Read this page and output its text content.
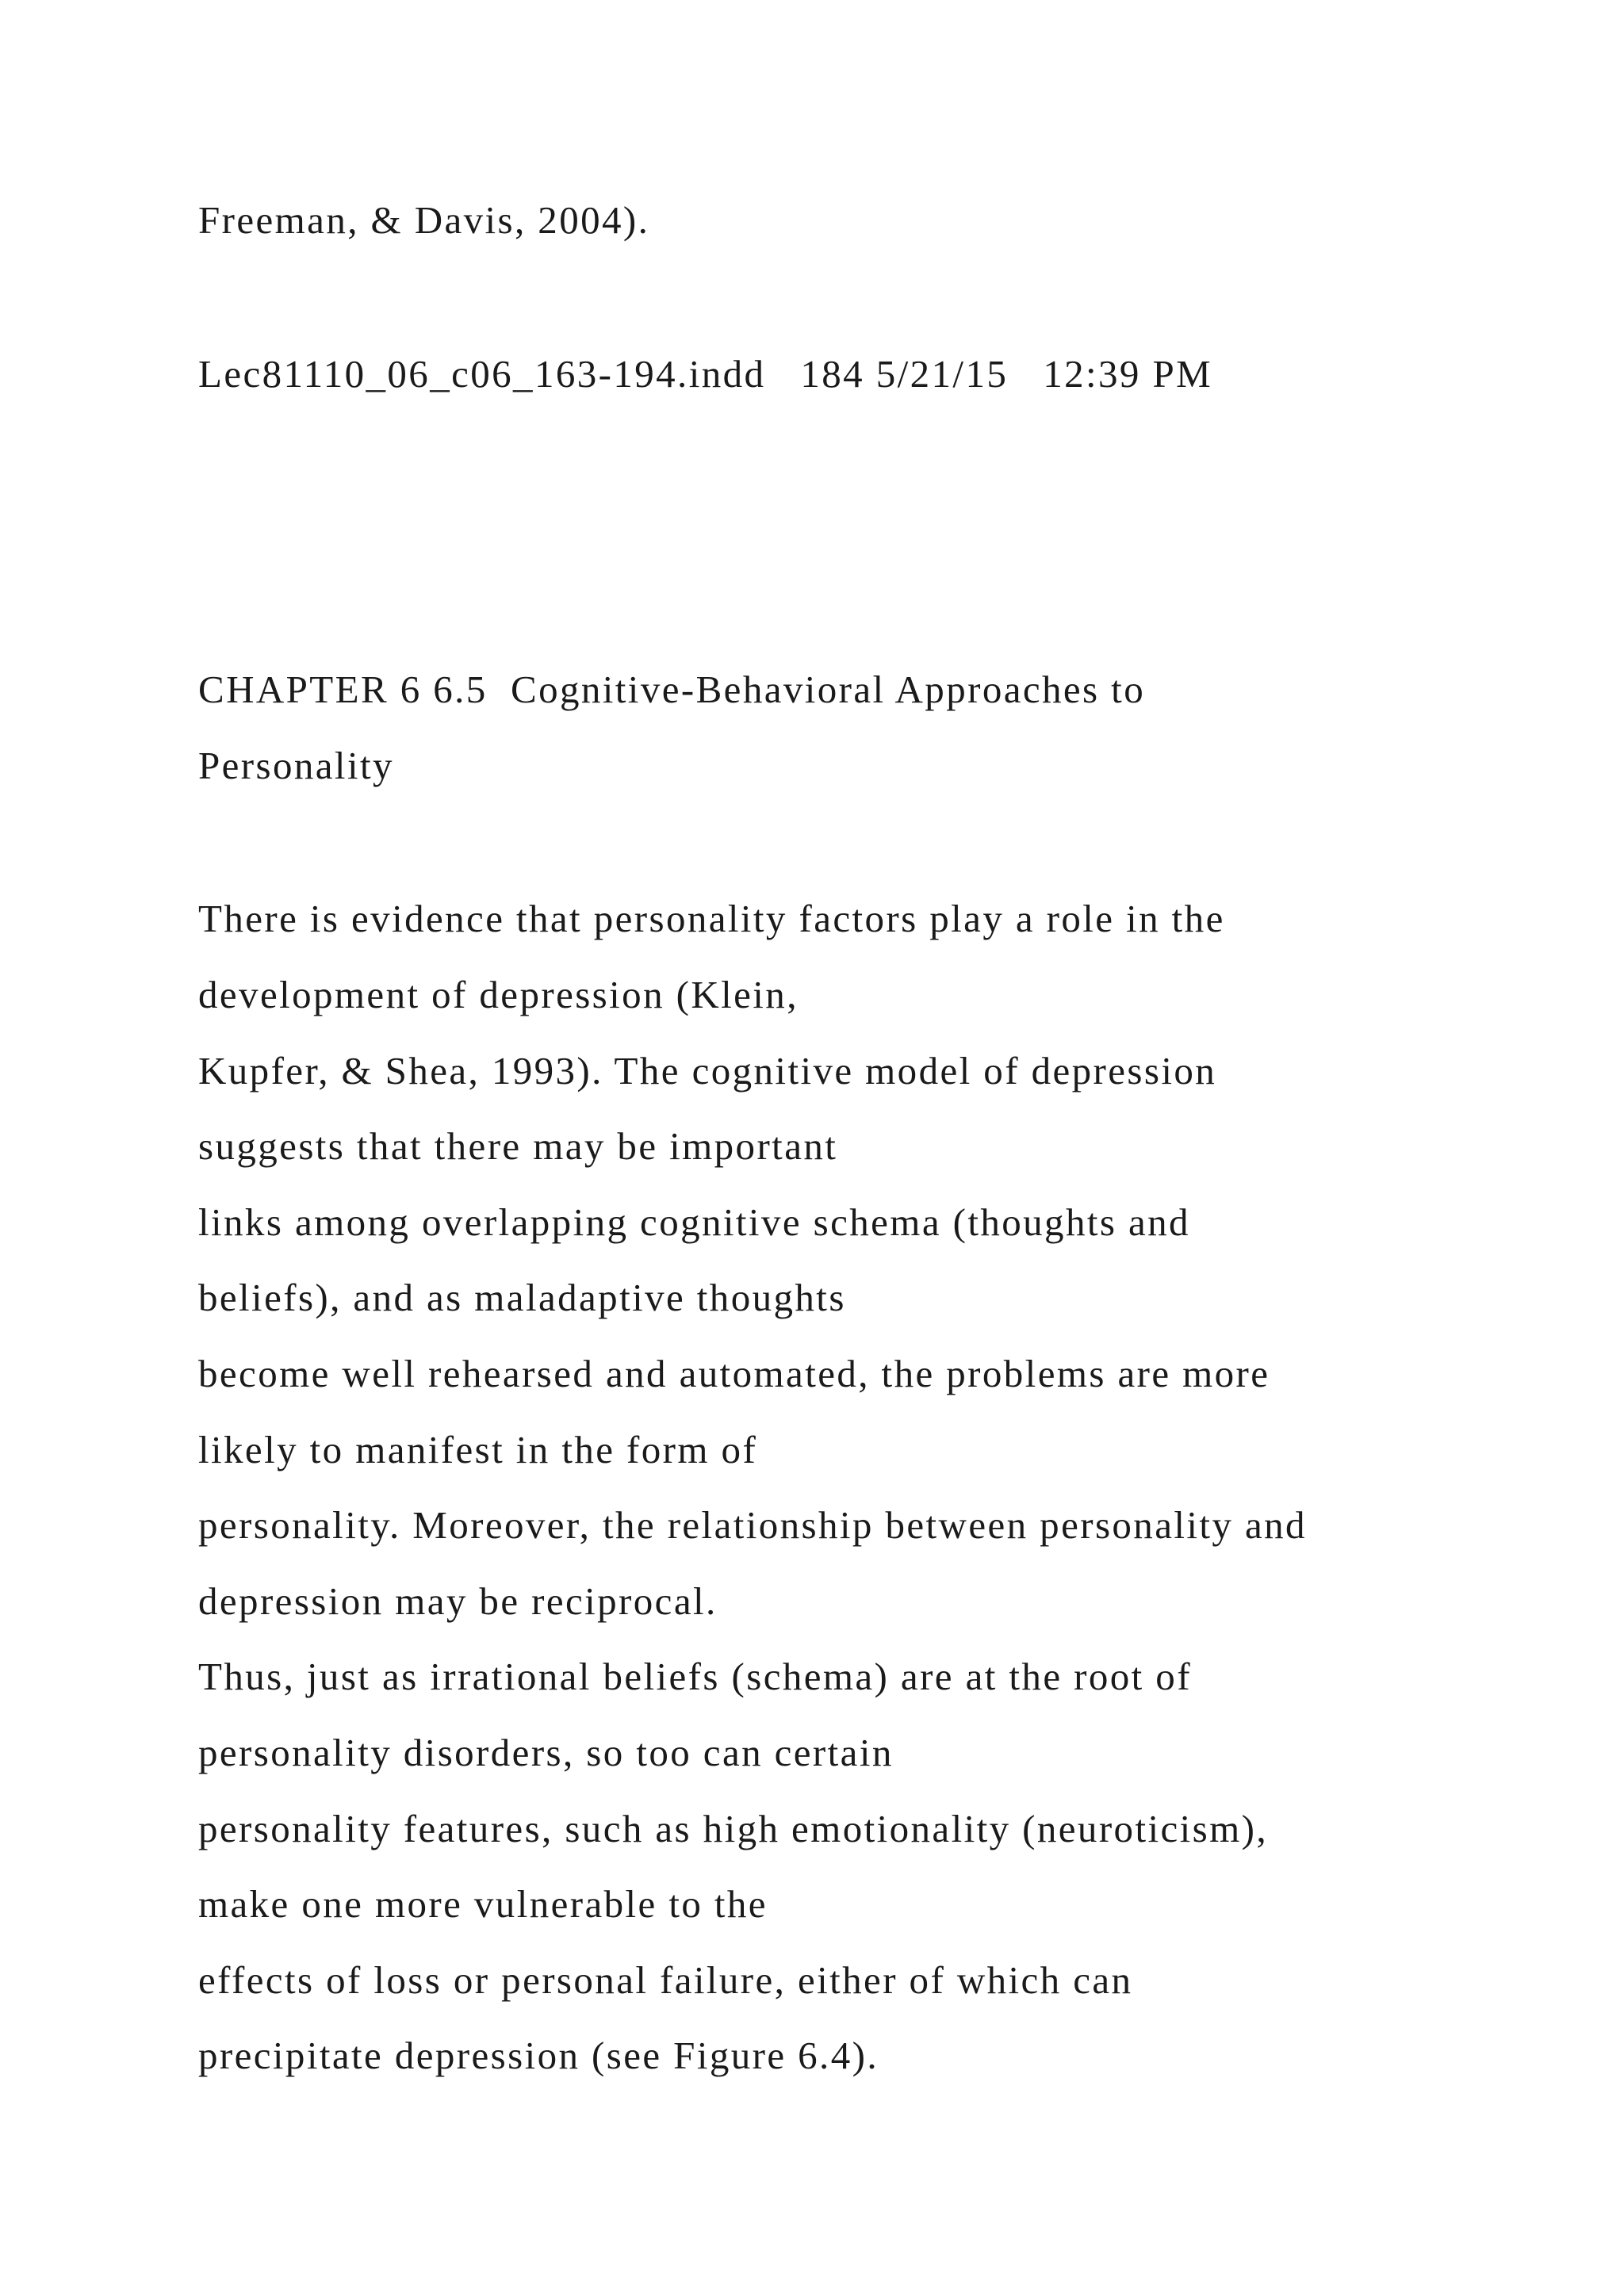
Freeman, & Davis, 2004).

Lec81110_06_c06_163-194.indd   184 5/21/15   12:39 PM

CHAPTER 6 6.5  Cognitive-Behavioral Approaches to

Personality

There is evidence that personality factors play a role in the

development of depression (Klein,

Kupfer, & Shea, 1993). The cognitive model of depression

suggests that there may be important

links among overlapping cognitive schema (thoughts and

beliefs), and as maladaptive thoughts

become well rehearsed and automated, the problems are more

likely to manifest in the form of

personality. Moreover, the relationship between personality and

depression may be reciprocal.

Thus, just as irrational beliefs (schema) are at the root of

personality disorders, so too can certain

personality features, such as high emotionality (neuroticism),

make one more vulnerable to the

effects of loss or personal failure, either of which can

precipitate depression (see Figure 6.4).
